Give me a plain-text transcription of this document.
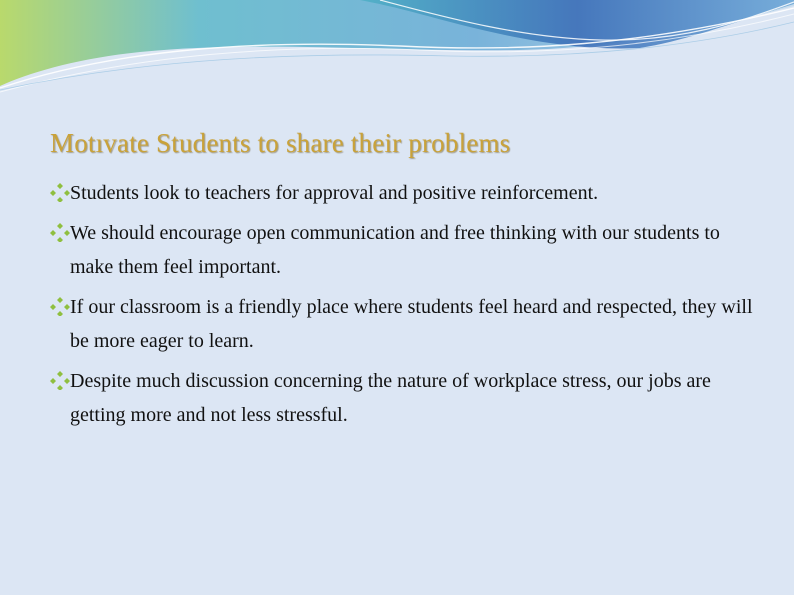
Motıvate Students to share their problems
Students look to teachers for approval and positive reinforcement.
We should encourage open communication and free thinking with our students to make them feel important.
If our classroom is a friendly place where students feel heard and respected, they will be more eager to learn.
Despite much discussion concerning the nature of workplace stress, our jobs are getting more and not less stressful.
